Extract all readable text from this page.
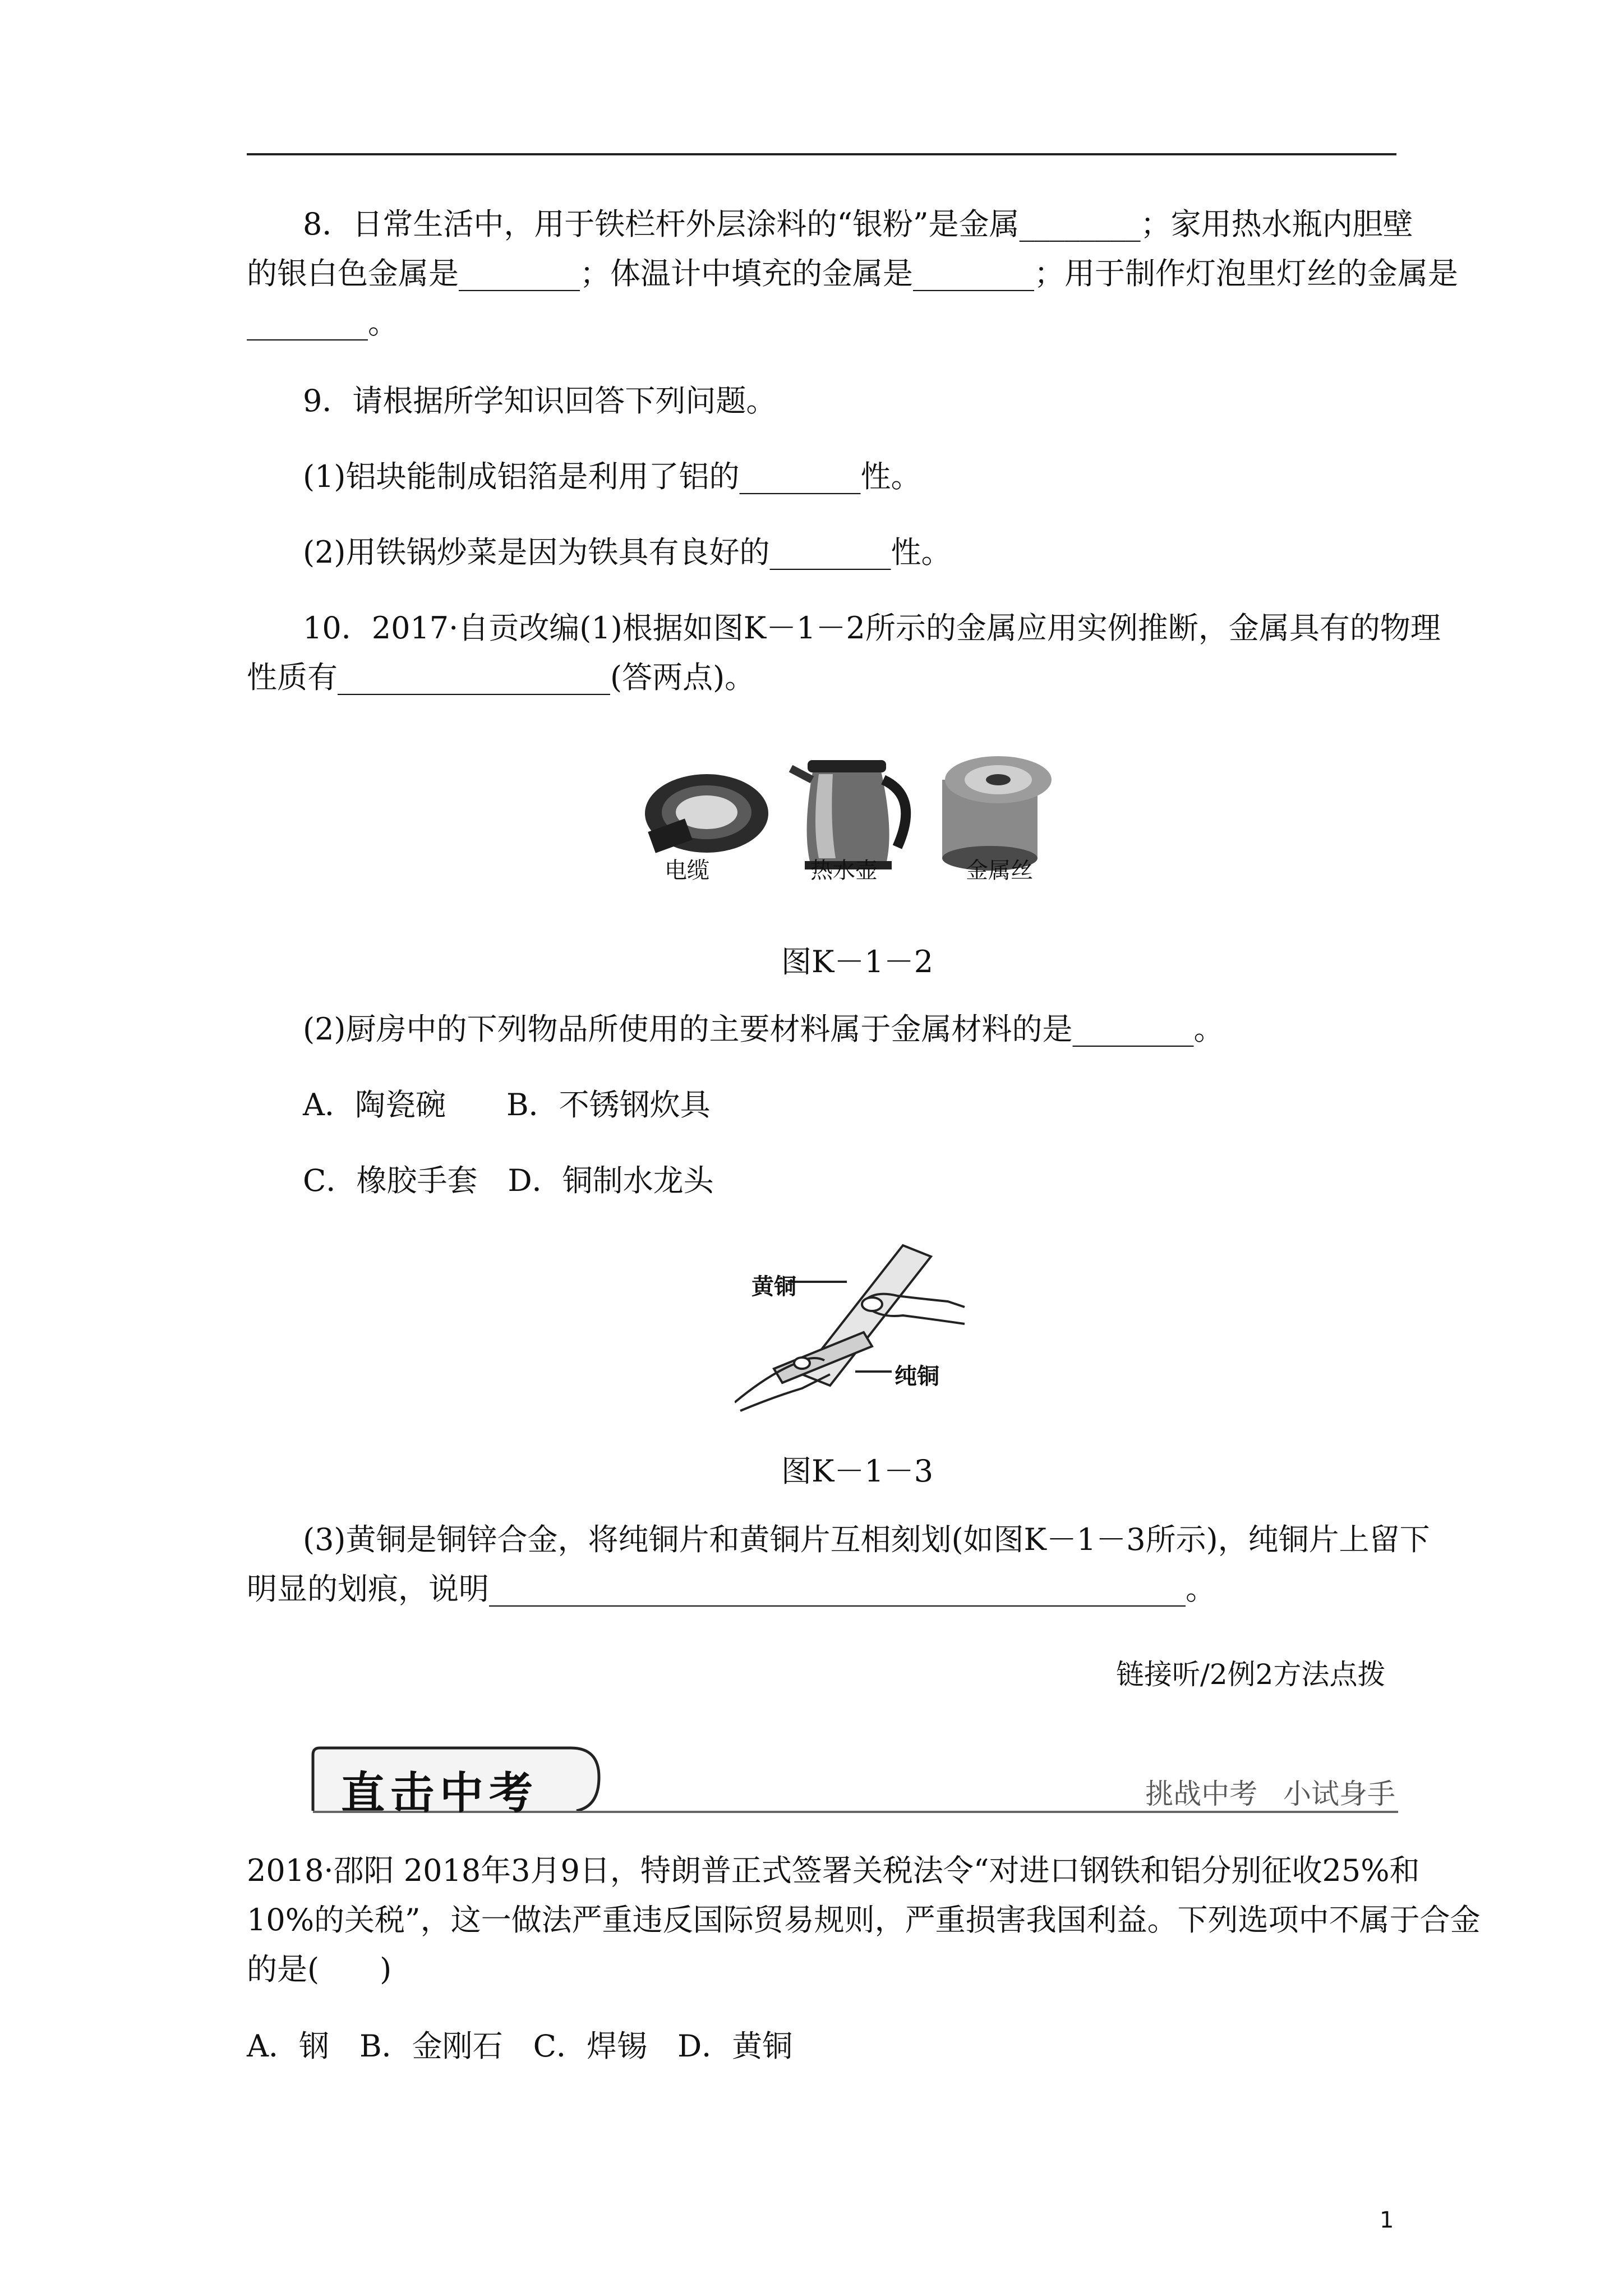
8．日常生活中，用于铁栏杆外层涂料的“银粉”是金属________；家用热水瓶内胆壁
的银白色金属是________；体温计中填充的金属是________；用于制作灯泡里灯丝的金属是
________。
9．请根据所学知识回答下列问题。
(1)铝块能制成铝箔是利用了铝的________性。
(2)用铁锅炒菜是因为铁具有良好的________性。
10．2017·自贡改编(1)根据如图K－1－2所示的金属应用实例推断，金属具有的物理
性质有__________________(答两点)。
电缆	热水壶	金属丝
图K－1－2
(2)厨房中的下列物品所使用的主要材料属于金属材料的是________。
A．陶瓷碗　　B．不锈钢炊具
C．橡胶手套　D．铜制水龙头
黄铜
纯铜
图K－1－3
(3)黄铜是铜锌合金，将纯铜片和黄铜片互相刻划(如图K－1－3所示)，纯铜片上留下
明显的划痕，说明______________________________________________。
链接听/2例2方法点拨
直击中考	挑战中考 小试身手
2018·邵阳 2018年3月9日，特朗普正式签署关税法令“对进口钢铁和铝分别征收25%和
10%的关税”，这一做法严重违反国际贸易规则，严重损害我国利益。下列选项中不属于合金
的是(　　)
A．钢　B．金刚石　C．焊锡　D．黄铜
1
